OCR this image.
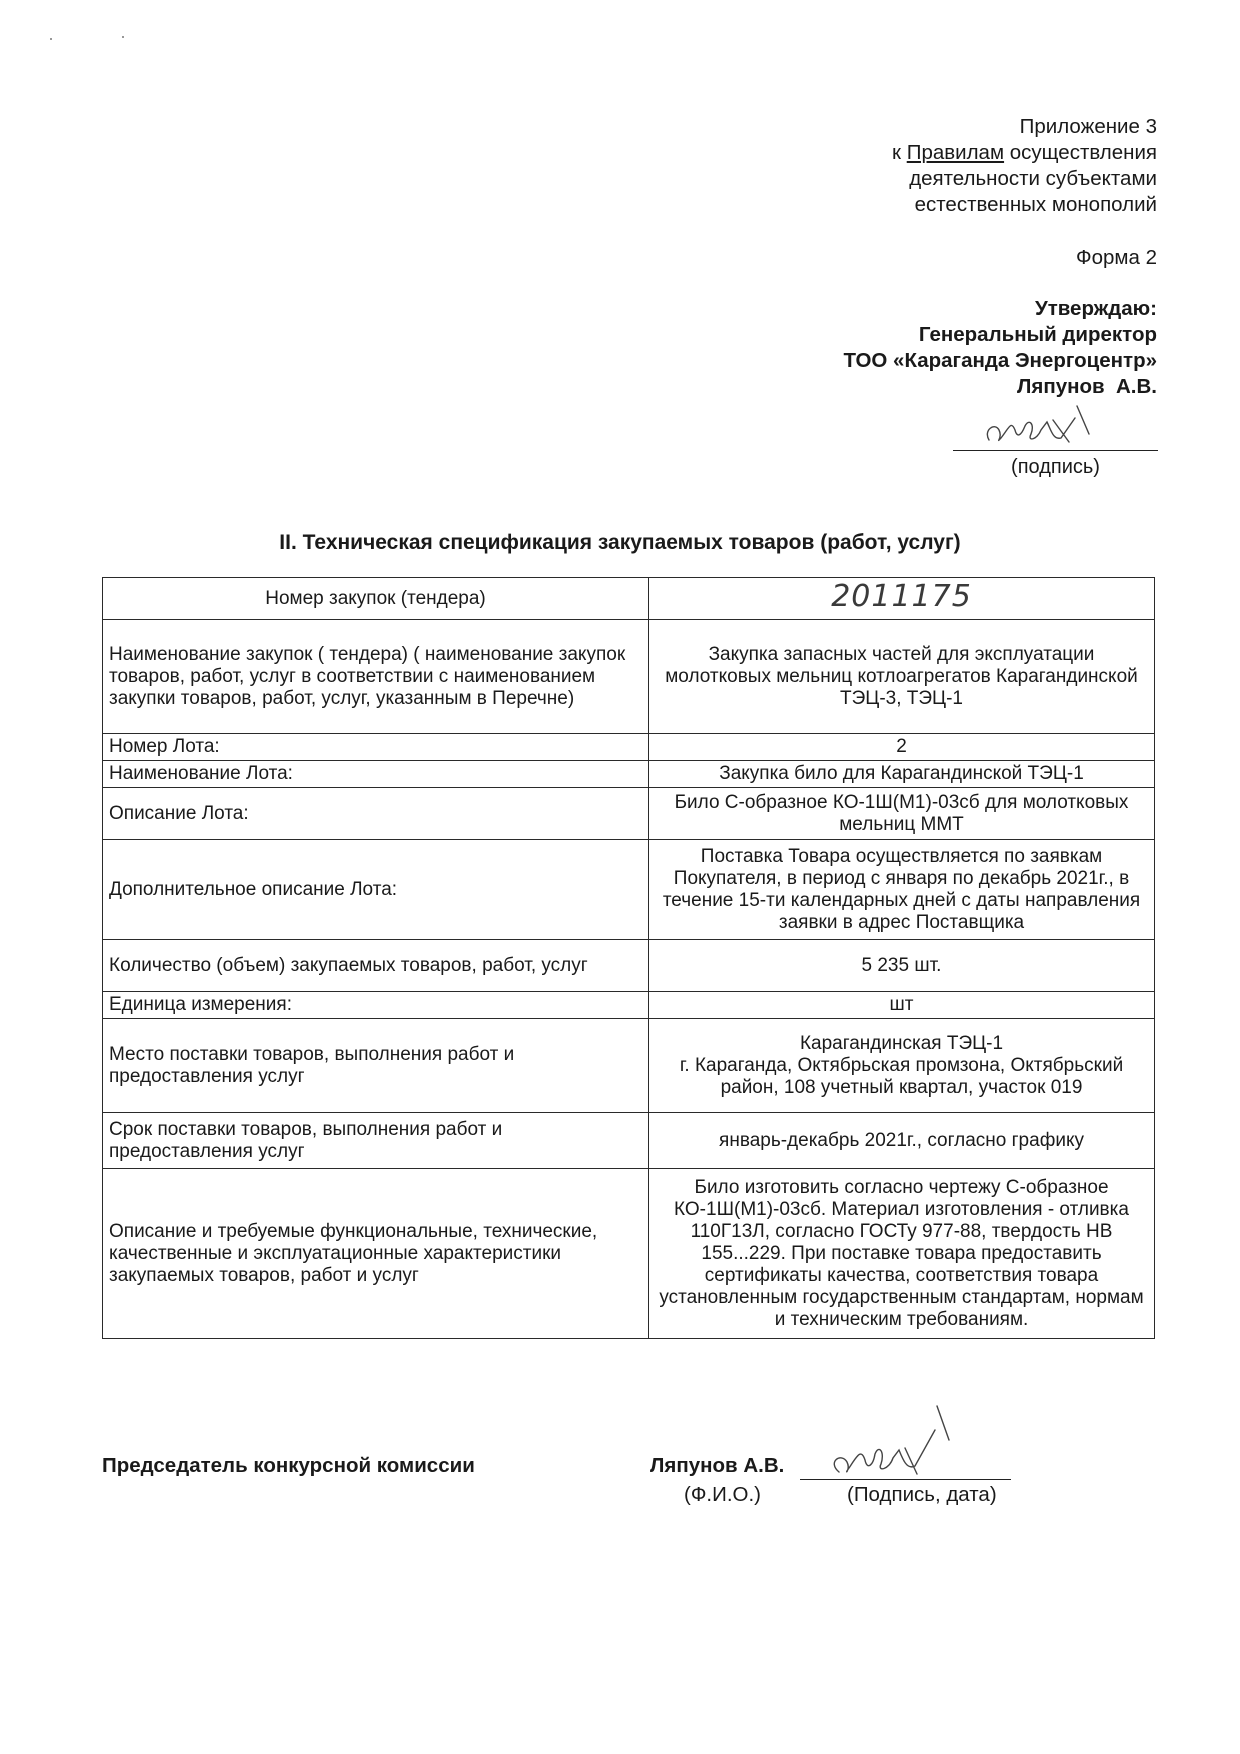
Приложение 3
к Правилам осуществления
деятельности субъектами
естественных монополий
Форма 2
Утверждаю:
Генеральный директор
ТОО «Караганда Энергоцентр»
Ляпунов  А.В.
(подпись)
II. Техническая спецификация закупаемых товаров (работ, услуг)
Номер закупок (тендера)	2011175
Наименование закупок ( тендера) ( наименование закупок товаров, работ, услуг в соответствии с наименованием закупки товаров, работ, услуг, указанным в Перечне)	Закупка запасных частей для эксплуатации молотковых мельниц котлоагрегатов Карагандинской ТЭЦ-3, ТЭЦ-1
Номер Лота:	2
Наименование Лота:	Закупка било для Карагандинской ТЭЦ-1
Описание Лота:	Било С-образное КО-1Ш(М1)-03сб для молотковых мельниц ММТ
Дополнительное описание Лота:	Поставка Товара осуществляется по заявкам Покупателя, в период с января по декабрь 2021г., в течение 15-ти календарных дней с даты направления заявки в адрес Поставщика
Количество (объем) закупаемых товаров, работ, услуг	5 235 шт.
Единица измерения:	шт
Место поставки товаров, выполнения работ и предоставления услуг	Карагандинская ТЭЦ-1
г. Караганда, Октябрьская промзона, Октябрьский район, 108 учетный квартал, участок 019
Срок поставки товаров, выполнения работ и предоставления услуг	январь-декабрь 2021г., согласно графику
Описание и требуемые функциональные, технические, качественные и эксплуатационные характеристики закупаемых товаров, работ и услуг	Било изготовить согласно чертежу С-образное КО-1Ш(М1)-03сб. Материал изготовления - отливка 110Г13Л, согласно ГОСТу 977-88, твердость НВ 155...229. При поставке товара предоставить сертификаты качества, соответствия товара установленным государственным стандартам, нормам и техническим требованиям.
Председатель конкурсной комиссии	Ляпунов А.В.
(Ф.И.О.)	(Подпись, дата)
